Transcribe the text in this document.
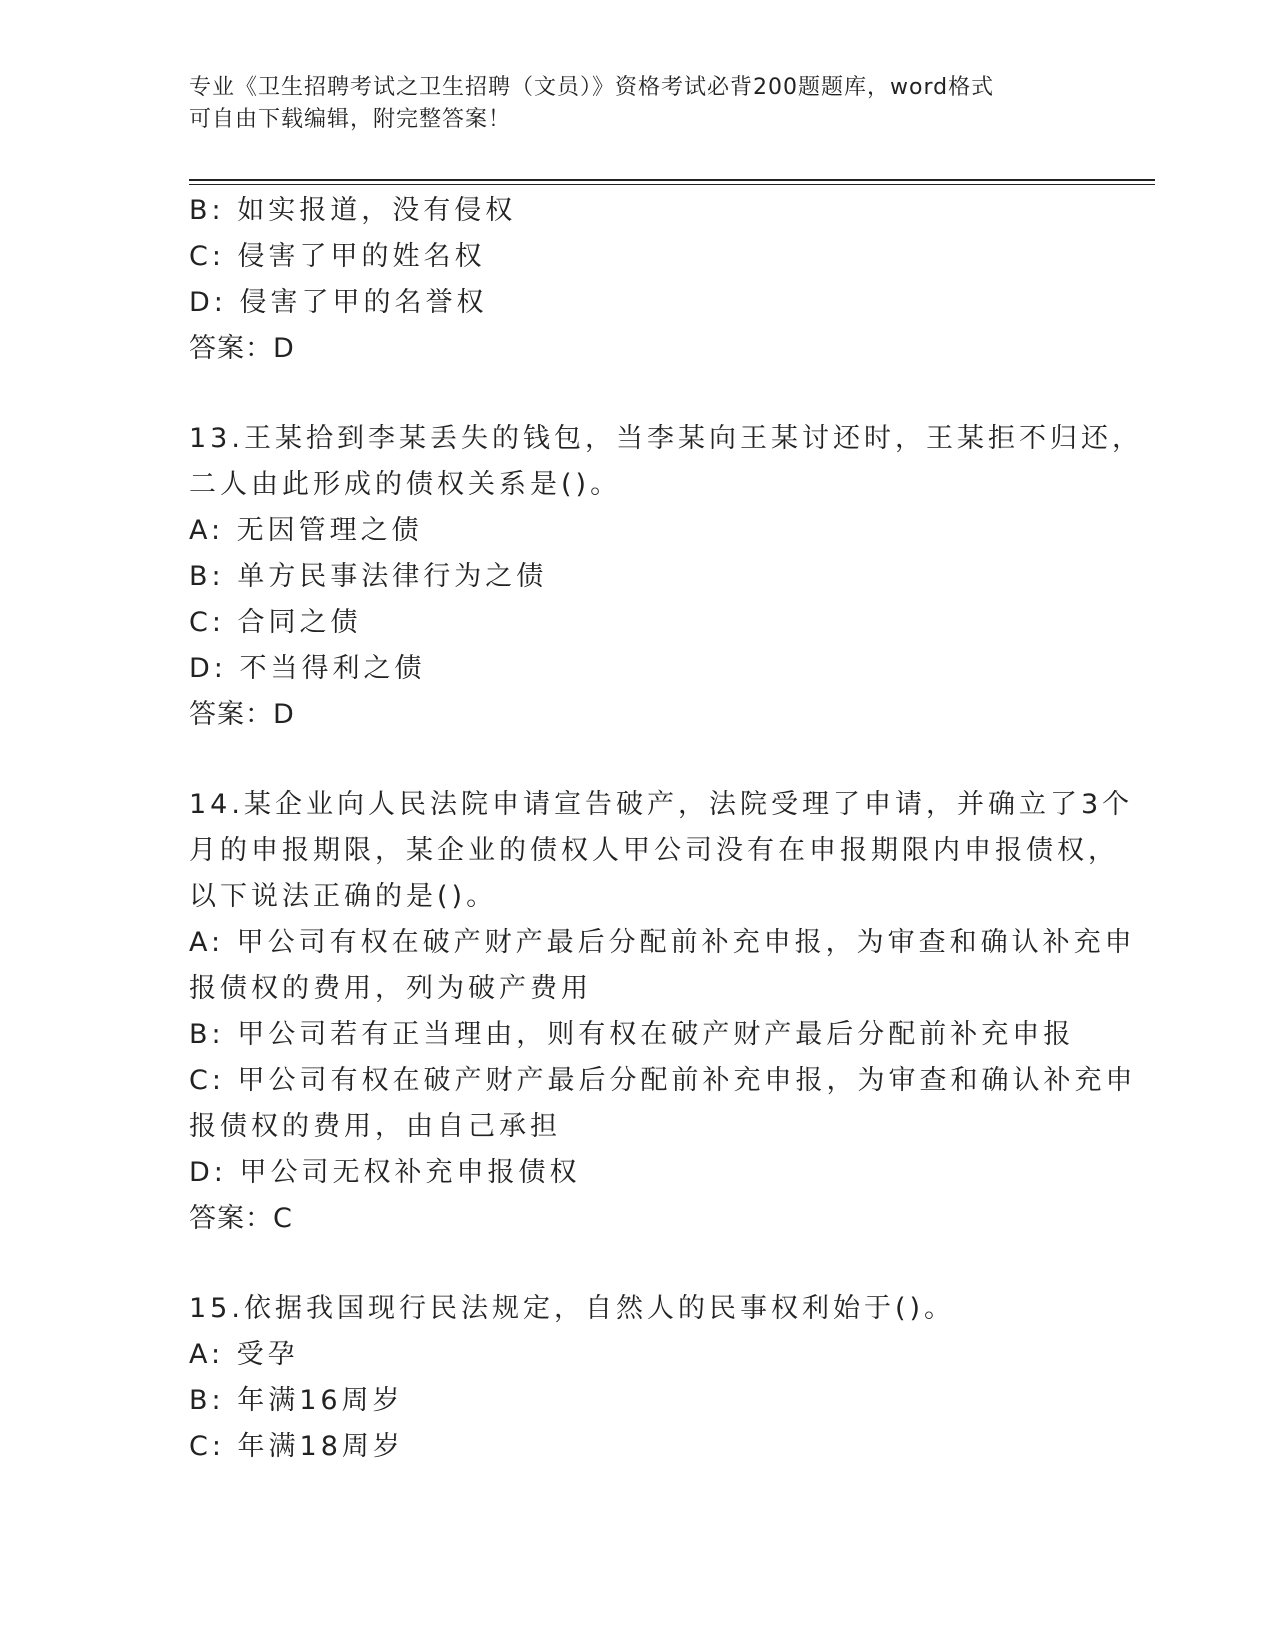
专业《卫生招聘考试之卫生招聘（文员）》资格考试必背200题题库，word格式
可自由下载编辑，附完整答案！
B: 如实报道，没有侵权
C: 侵害了甲的姓名权
D: 侵害了甲的名誉权
答案：D
13.王某拾到李某丢失的钱包，当李某向王某讨还时，王某拒不归还，
二人由此形成的债权关系是()。
A: 无因管理之债
B: 单方民事法律行为之债
C: 合同之债
D: 不当得利之债
答案：D
14.某企业向人民法院申请宣告破产，法院受理了申请，并确立了3个
月的申报期限，某企业的债权人甲公司没有在申报期限内申报债权，
以下说法正确的是()。
A: 甲公司有权在破产财产最后分配前补充申报，为审查和确认补充申
报债权的费用，列为破产费用
B: 甲公司若有正当理由，则有权在破产财产最后分配前补充申报
C: 甲公司有权在破产财产最后分配前补充申报，为审查和确认补充申
报债权的费用，由自己承担
D: 甲公司无权补充申报债权
答案：C
15.依据我国现行民法规定，自然人的民事权利始于()。
A: 受孕
B: 年满16周岁
C: 年满18周岁
